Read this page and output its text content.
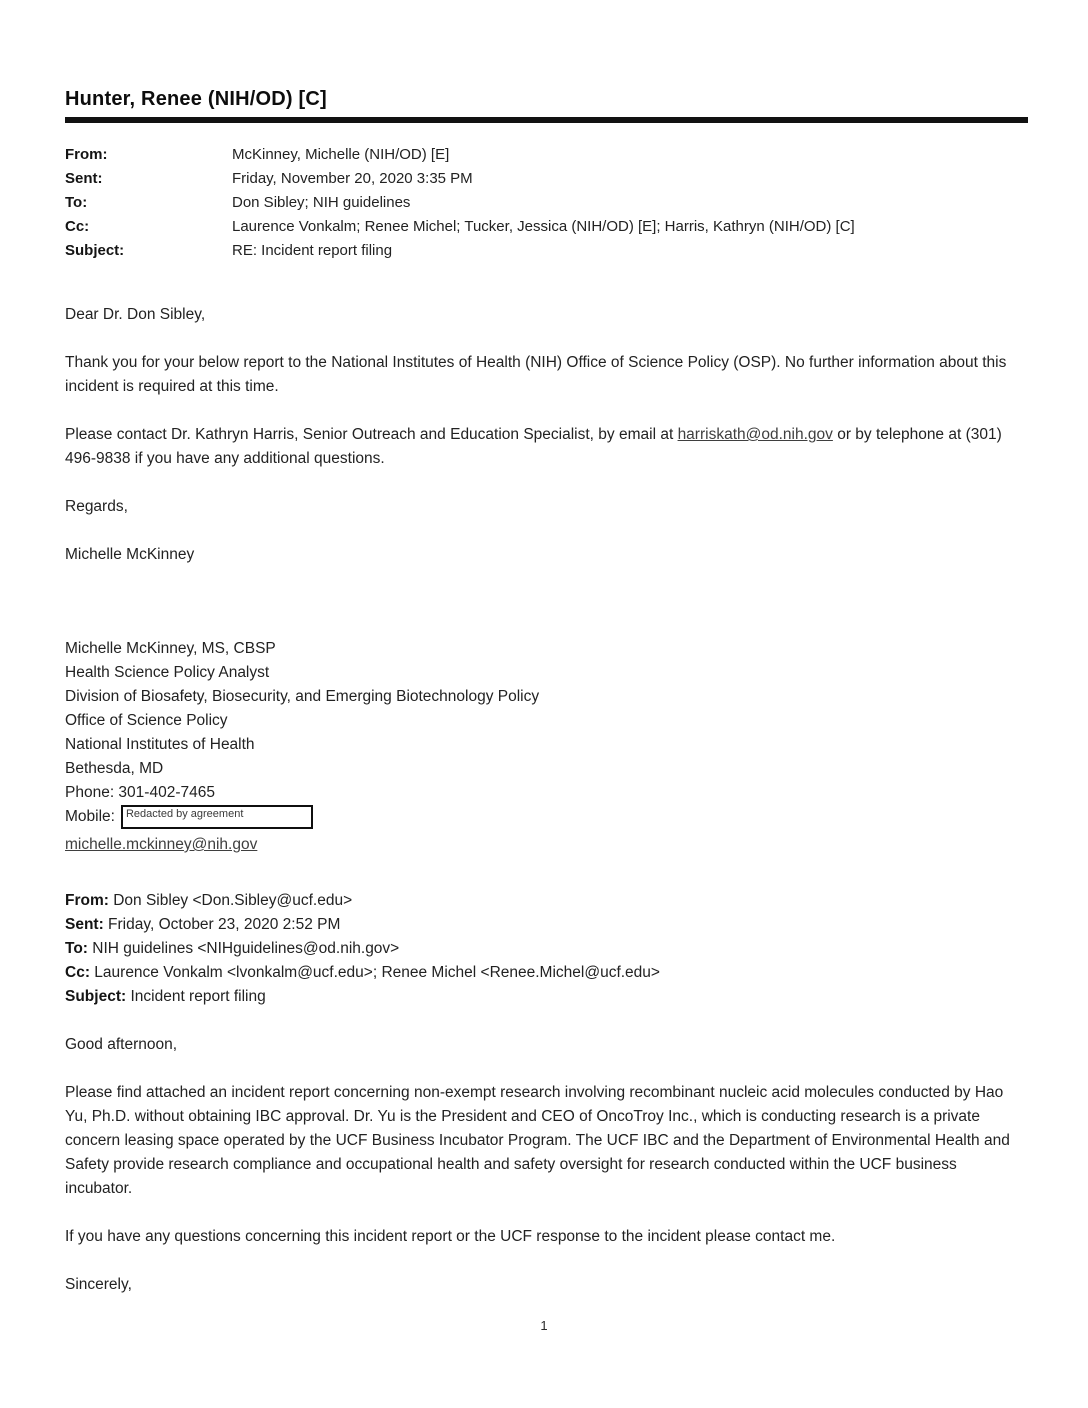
Hunter, Renee (NIH/OD) [C]
From:	McKinney, Michelle (NIH/OD) [E]
Sent:	Friday, November 20, 2020 3:35 PM
To:	Don Sibley; NIH guidelines
Cc:	Laurence Vonkalm; Renee Michel; Tucker, Jessica (NIH/OD) [E]; Harris, Kathryn (NIH/OD) [C]
Subject:	RE: Incident report filing

Dear Dr. Don Sibley,

Thank you for your below report to the National Institutes of Health (NIH) Office of Science Policy (OSP). No further information about this incident is required at this time.

Please contact Dr. Kathryn Harris, Senior Outreach and Education Specialist, by email at harriskath@od.nih.gov or by telephone at (301) 496-9838 if you have any additional questions.

Regards,

Michelle McKinney

Michelle McKinney, MS, CBSP
Health Science Policy Analyst
Division of Biosafety, Biosecurity, and Emerging Biotechnology Policy
Office of Science Policy
National Institutes of Health
Bethesda, MD
Phone: 301-402-7465
Mobile:	Redacted by agreement
michelle.mckinney@nih.gov

From: Don Sibley <Don.Sibley@ucf.edu>

Sent: Friday, October 23, 2020 2:52 PM

To: NIH guidelines <NIHguidelines@od.nih.gov>

Cc: Laurence Vonkalm <lvonkalm@ucf.edu>; Renee Michel <Renee.Michel@ucf.edu>

Subject: Incident report filing

Good afternoon,

Please find attached an incident report concerning non-exempt research involving recombinant nucleic acid molecules conducted by Hao Yu, Ph.D. without obtaining IBC approval. Dr. Yu is the President and CEO of OncoTroy Inc., which is conducting research is a private concern leasing space operated by the UCF Business Incubator Program. The UCF IBC and the Department of Environmental Health and Safety provide research compliance and occupational health and safety oversight for research conducted within the UCF business incubator.

If you have any questions concerning this incident report or the UCF response to the incident please contact me.

Sincerely,

1
